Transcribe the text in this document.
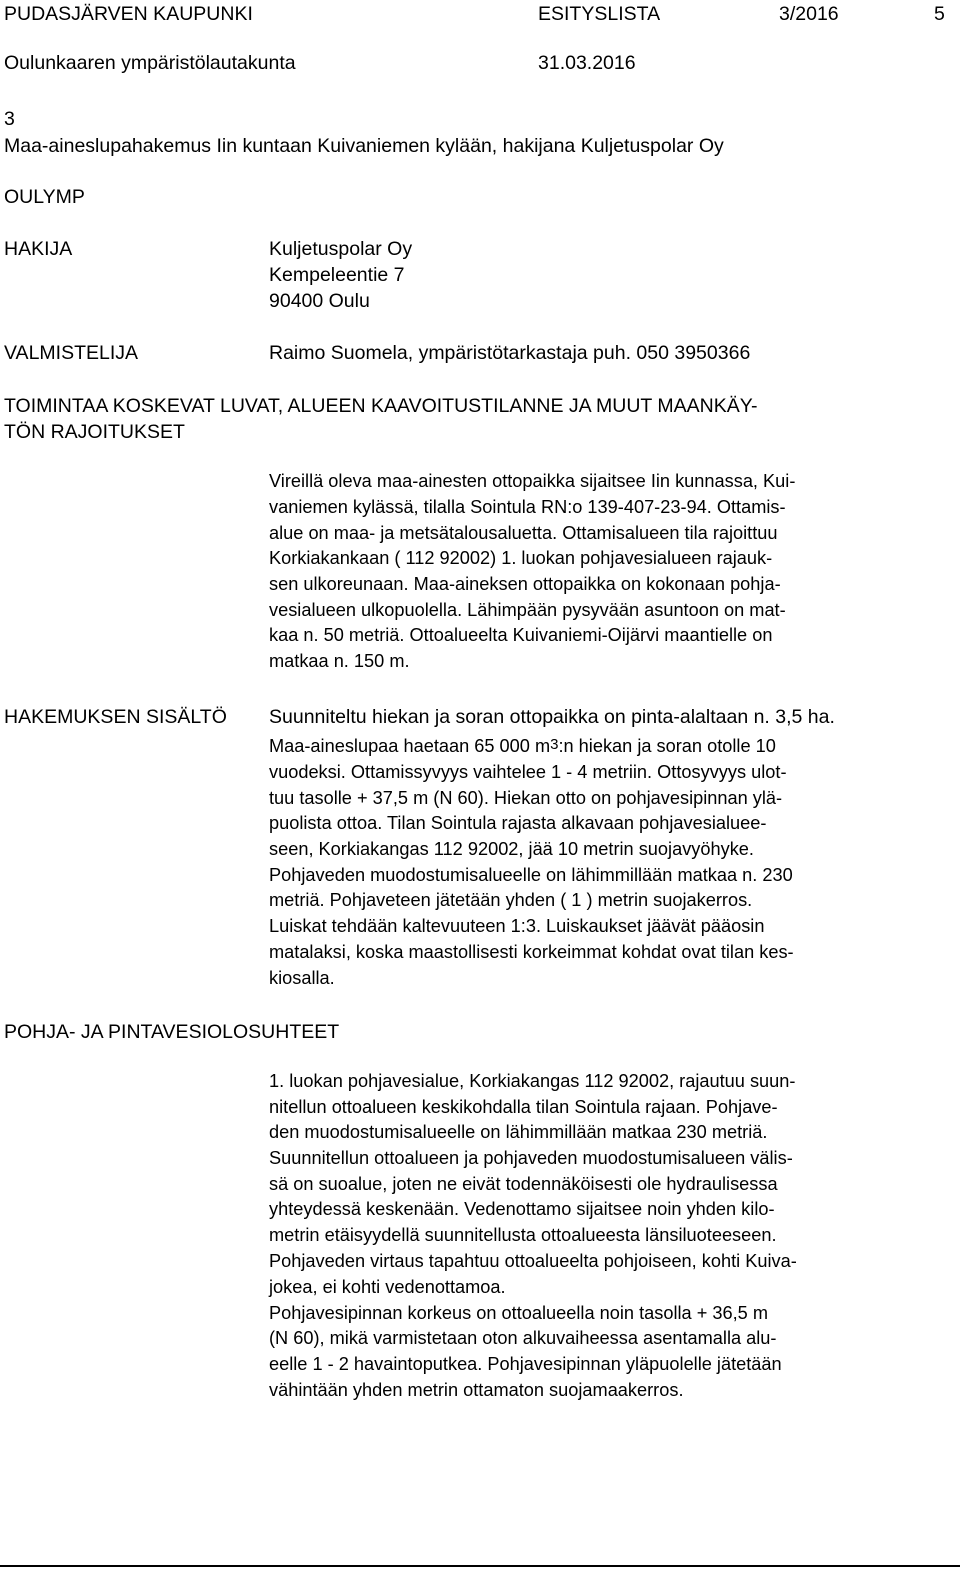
PUDASJÄRVEN KAUPUNKI	ESITYSLISTA	3/2016	5
Oulunkaaren ympäristölautakunta	31.03.2016
3
Maa-aineslupahakemus Iin kuntaan Kuivaniemen kylään, hakijana Kuljetuspolar Oy
OULYMP
HAKIJA	Kuljetuspolar Oy
Kempeleentie 7
90400 Oulu
VALMISTELIJA	Raimo Suomela, ympäristötarkastaja puh. 050 3950366
TOIMINTAA KOSKEVAT LUVAT, ALUEEN KAAVOITUSTILANNE JA MUUT MAANKÄY-
TÖN RAJOITUKSET
Vireillä oleva maa-ainesten ottopaikka sijaitsee Iin kunnassa, Kui-
vaniemen kylässä, tilalla Sointula RN:o 139-407-23-94. Ottamis-
alue on maa- ja metsätalousaluetta. Ottamisalueen tila rajoittuu
Korkiakankaan ( 112 92002) 1. luokan pohjavesialueen rajauk-
sen ulkoreunaan. Maa-aineksen ottopaikka on kokonaan pohja-
vesialueen ulkopuolella. Lähimpään pysyvään asuntoon on mat-
kaa n. 50 metriä. Ottoalueelta Kuivaniemi-Oijärvi maantielle on
matkaa n. 150 m.
HAKEMUKSEN SISÄLTÖ Suunniteltu hiekan ja soran ottopaikka on pinta-alaltaan n. 3,5 ha.
Maa-aineslupaa haetaan 65 000 $m^3:n$ hiekan ja soran otolle 10
vuodeksi. Ottamissyvyys vaihtelee 1 - 4 metriin. Ottosyvyys ulot-
tuu tasolle + 37,5 m (N 60). Hiekan otto on pohjavesipinnan ylä-
puolista ottoa. Tilan Sointula rajasta alkavaan pohjavesialuee-
seen, Korkiakangas 112 92002, jää 10 metrin suojavyöhyke.
Pohjaveden muodostumisalueelle on lähimmillään matkaa n. 230
metriä. Pohjaveteen jätetään yhden ( 1 ) metrin suojakerros.
Luiskat tehdään kaltevuuteen 1:3. Luiskaukset jäävät pääosin
matalaksi, koska maastollisesti korkeimmat kohdat ovat tilan kes-
kiosalla.
POHJA- JA PINTAVESIOLOSUHTEET
1. luokan pohjavesialue, Korkiakangas 112 92002, rajautuu suun-
nitellun ottoalueen keskikohdalla tilan Sointula rajaan. Pohjave-
den muodostumisalueelle on lähimmillään matkaa 230 metriä.
Suunnitellun ottoalueen ja pohjaveden muodostumisalueen välis-
sä on suoalue, joten ne eivät todennäköisesti ole hydraulisessa
yhteydessä keskenään. Vedenottamo sijaitsee noin yhden kilo-
metrin etäisyydellä suunnitellusta ottoalueesta länsiluoteeseen.
Pohjaveden virtaus tapahtuu ottoalueelta pohjoiseen, kohti Kuiva-
jokea, ei kohti vedenottamoa.
Pohjavesipinnan korkeus on ottoalueella noin tasolla + 36,5 m
(N 60), mikä varmistetaan oton alkuvaiheessa asentamalla alu-
eelle 1 - 2 havaintoputkea. Pohjavesipinnan yläpuolelle jätetään
vähintään yhden metrin ottamaton suojamaakerros.
